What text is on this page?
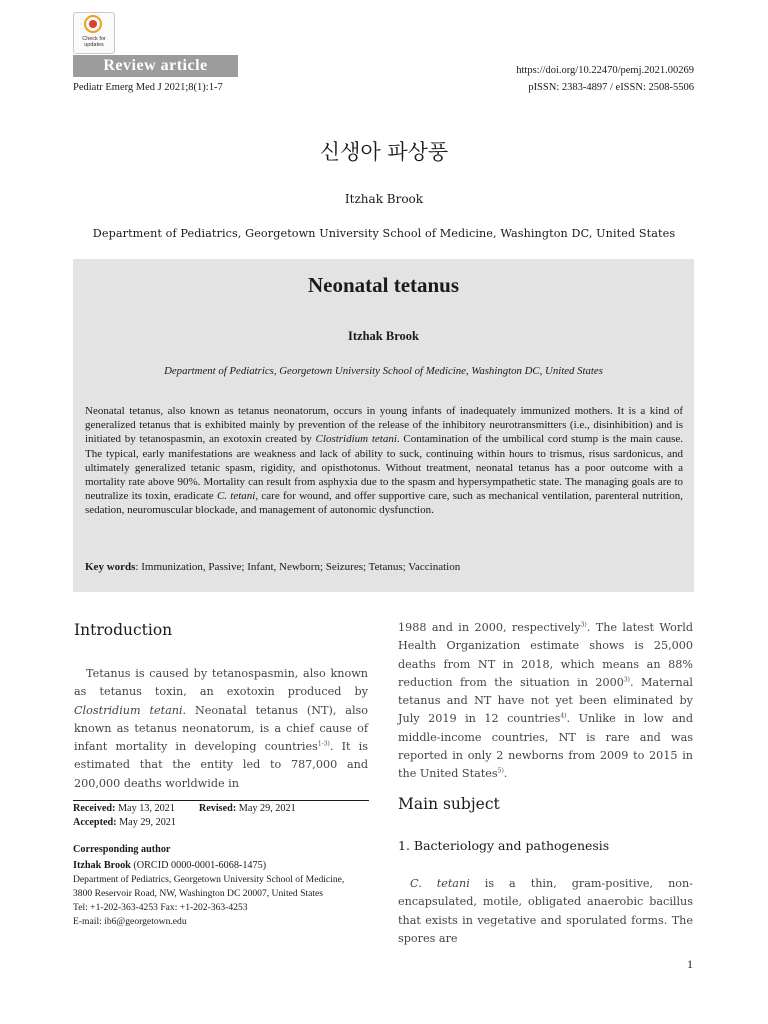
Check for
updates
Review article
Pediatr Emerg Med J 2021;8(1):1-7
https://doi.org/10.22470/pemj.2021.00269
pISSN: 2383-4897 / eISSN: 2508-5506
신생아 파상풍
Itzhak Brook
Department of Pediatrics, Georgetown University School of Medicine, Washington DC, United States
Neonatal tetanus
Itzhak Brook
Department of Pediatrics, Georgetown University School of Medicine, Washington DC, United States
Neonatal tetanus, also known as tetanus neonatorum, occurs in young infants of inadequately immunized mothers. It is a kind of generalized tetanus that is exhibited mainly by prevention of the release of the inhibitory neurotransmitters (i.e., disinhibition) and is initiated by tetanospasmin, an exotoxin created by Clostridium tetani. Contamination of the umbilical cord stump is the main cause. The typical, early manifestations are weakness and lack of ability to suck, continuing within hours to trismus, risus sardonicus, and ultimately generalized tetanic spasm, rigidity, and opisthotonus. Without treatment, neonatal tetanus has a poor outcome with a mortality rate above 90%. Mortality can result from asphyxia due to the spasm and hypersympathetic state. The managing goals are to neutralize its toxin, eradicate C. tetani, care for wound, and offer supportive care, such as mechanical ventilation, parenteral nutrition, sedation, neuromuscular blockade, and management of autonomic dysfunction.
Key words: Immunization, Passive; Infant, Newborn; Seizures; Tetanus; Vaccination
Introduction
Tetanus is caused by tetanospasmin, also known as tetanus toxin, an exotoxin produced by Clostridium tetani. Neonatal tetanus (NT), also known as tetanus neonatorum, is a chief cause of infant mortality in developing countries$^{1-3)}$. It is estimated that the entity led to 787,000 and 200,000 deaths worldwide in
Received: May 13, 2021 Revised: May 29, 2021
Accepted: May 29, 2021
Corresponding author
Itzhak Brook (ORCID 0000-0001-6068-1475)
Department of Pediatrics, Georgetown University School of Medicine,
3800 Reservoir Road, NW, Washington DC 20007, United States
Tel: +1-202-363-4253 Fax: +1-202-363-4253
E-mail: ib6@georgetown.edu
1988 and in 2000, respectively$^{3)}$. The latest World Health Organization estimate shows is 25,000 deaths from NT in 2018, which means an 88% reduction from the situation in 2000$^{3)}$. Maternal tetanus and NT have not yet been eliminated by July 2019 in 12 countries$^{4)}$. Unlike in low and middle-income countries, NT is rare and was reported in only 2 newborns from 2009 to 2015 in the United States$^{5)}$.
Main subject
1. Bacteriology and pathogenesis
C. tetani is a thin, gram-positive, non-encapsulated, motile, obligated anaerobic bacillus that exists in vegetative and sporulated forms. The spores are
1
